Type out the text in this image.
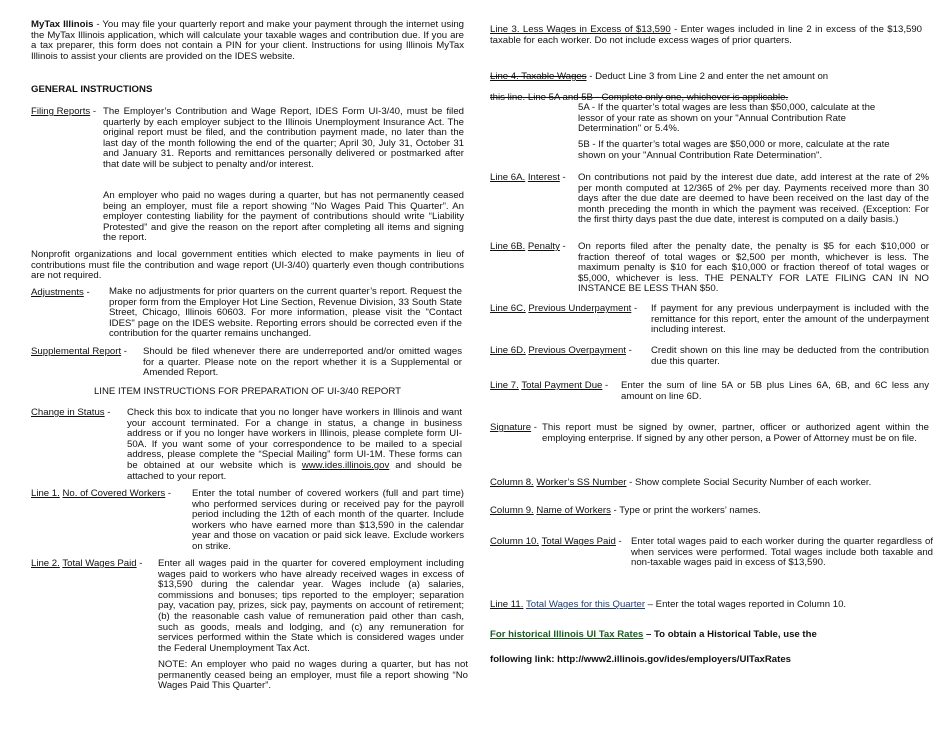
MyTax Illinois - You may file your quarterly report and make your payment through the internet using the MyTax Illinois application, which will calculate your taxable wages and contribution due. If you are a tax preparer, this form does not contain a PIN for your client. Instructions for using Illinois MyTax Illinois to assist your clients are provided on the IDES website.
GENERAL INSTRUCTIONS
Filing Reports - The Employer’s Contribution and Wage Report, IDES Form UI-3/40, must be filed quarterly by each employer subject to the Illinois Unemployment Insurance Act. The original report must be filed, and the contribution payment made, no later than the last day of the month following the end of the quarter; April 30, July 31, October 31 and January 31. Reports and remittances personally delivered or postmarked after that date will be subject to penalty and/or interest.
An employer who paid no wages during a quarter, but has not permanently ceased being an employer, must file a report showing “No Wages Paid This Quarter”. An employer contesting liability for the payment of contributions should write “Liability Protested” and give the reason on the report after completing all items and signing the report.
Nonprofit organizations and local government entities which elected to make payments in lieu of contributions must file the contribution and wage report (UI-3/40) quarterly even though contributions are not required.
Adjustments - Make no adjustments for prior quarters on the current quarter’s report. Request the proper form from the Employer Hot Line Section, Revenue Division, 33 South State Street, Chicago, Illinois 60603. For more information, please visit the "Contact IDES" page on the IDES website. Reporting errors should be corrected even if the contribution for the quarter remains unchanged.
Supplemental Report - Should be filed whenever there are underreported and/or omitted wages for a quarter. Please note on the report whether it is a Supplemental or Amended Report.
LINE ITEM INSTRUCTIONS FOR PREPARATION OF UI-3/40 REPORT
Change in Status - Check this box to indicate that you no longer have workers in Illinois and want your account terminated. For a change in status, a change in business address or if you no longer have workers in Illinois, please complete form UI-50A. If you want some of your correspondence to be mailed to a special address, please complete the “Special Mailing” form UI-1M. These forms can be obtained at our website which is www.ides.illinois.gov and should be attached to your report.
Line 1. No. of Covered Workers - Enter the total number of covered workers (full and part time) who performed services during or received pay for the payroll period including the 12th of each month of the quarter. Include workers who have earned more than $13,590 in the calendar year and those on vacation or paid sick leave. Exclude workers on strike.
Line 2. Total Wages Paid - Enter all wages paid in the quarter for covered employment including wages paid to workers who have already received wages in excess of $13,590 during the calendar year. Wages include (a) salaries, commissions and bonuses; tips reported to the employer; separation pay, vacation pay, prizes, sick pay, payments on account of retirement; (b) the reasonable cash value of remuneration paid other than cash, such as goods, meals and lodging, and (c) any remuneration for services performed within the State which is considered wages under the Federal Unemployment Tax Act.
NOTE: An employer who paid no wages during a quarter, but has not permanently ceased being an employer, must file a report showing “No Wages Paid This Quarter”.
Line 3. Less Wages in Excess of $13,590 - Enter wages included in line 2 in excess of the $13,590 taxable for each worker. Do not include excess wages of prior quarters.
Line 4. Taxable Wages - Deduct Line 3 from Line 2 and enter the net amount on
this line. Line 5A and 5B - Complete only one, whichever is applicable.
5A - If the quarter’s total wages are less than $50,000, calculate at the lessor of your rate as shown on your "Annual Contribution Rate Determination" or 5.4%.
5B - If the quarter’s total wages are $50,000 or more, calculate at the rate shown on your "Annual Contribution Rate Determination".
Line 6A. Interest - On contributions not paid by the interest due date, add interest at the rate of 2% per month computed at 12/365 of 2% per day. Payments received more than 30 days after the due date are deemed to have been received on the last day of the month preceding the month in which the payment was received. (Exception: For the first thirty days past the due date, interest is computed on a daily basis.)
Line 6B. Penalty - On reports filed after the penalty date, the penalty is $5 for each $10,000 or fraction thereof of total wages or $2,500 per month, whichever is less. The maximum penalty is $10 for each $10,000 or fraction thereof of total wages or $5,000, whichever is less. THE PENALTY FOR LATE FILING CAN IN NO INSTANCE BE LESS THAN $50.
Line 6C. Previous Underpayment - If payment for any previous underpayment is included with the remittance for this report, enter the amount of the underpayment including interest.
Line 6D. Previous Overpayment - Credit shown on this line may be deducted from the contribution due this quarter.
Line 7. Total Payment Due - Enter the sum of line 5A or 5B plus Lines 6A, 6B, and 6C less any amount on line 6D.
Signature - This report must be signed by owner, partner, officer or authorized agent within the employing enterprise. If signed by any other person, a Power of Attorney must be on file.
Column 8. Worker’s SS Number - Show complete Social Security Number of each worker.
Column 9. Name of Workers - Type or print the workers’ names.
Column 10. Total Wages Paid - Enter total wages paid to each worker during the quarter regardless of when services were performed. Total wages include both taxable and non-taxable wages paid in excess of $13,590.
Line 11. Total Wages for this Quarter – Enter the total wages reported in Column 10.
For historical Illinois UI Tax Rates – To obtain a Historical Table, use the
following link: http://www2.illinois.gov/ides/employers/UITaxRates
